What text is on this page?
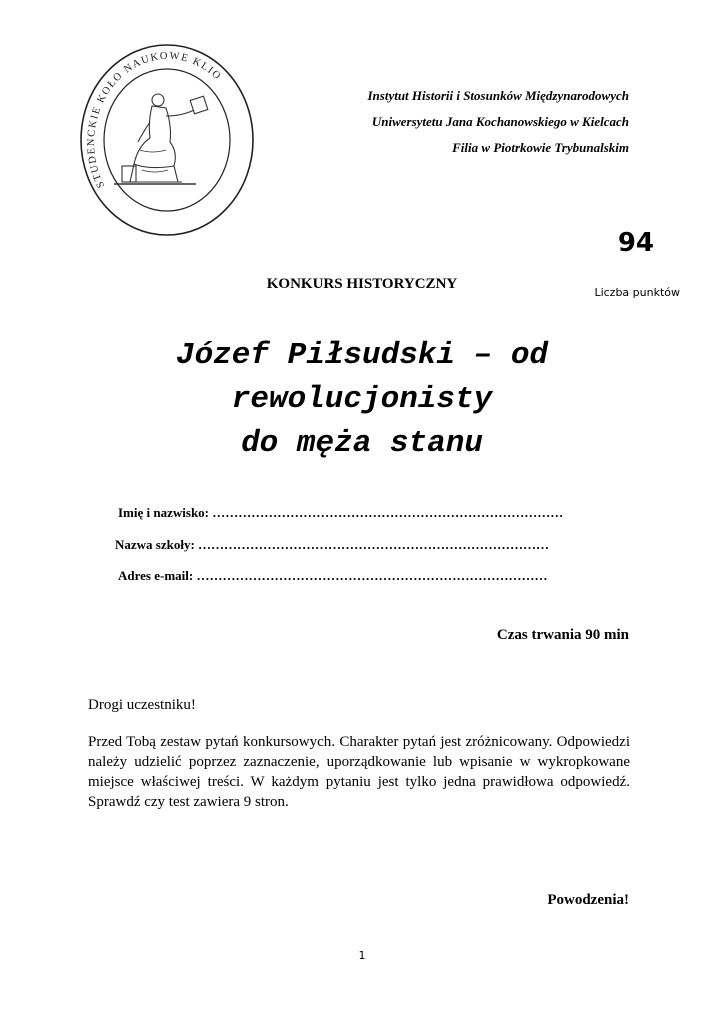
STUDENCKIE KOŁO NAUKOWE KLIO
Instytut Historii i Stosunków Międzynarodowych
Uniwersytetu Jana Kochanowskiego w Kielcach
Filia w Piotrkowie Trybunalskim
94
Liczba punktów
KONKURS HISTORYCZNY
Józef Piłsudski – od
rewolucjonisty
do męża stanu
Imię i nazwisko: ………………………………………………………………………
Nazwa szkoły: ………………………………………………………………………
Adres e-mail: ………………………………………………………………………
Czas trwania 90 min
Drogi uczestniku!
Przed Tobą zestaw pytań konkursowych. Charakter pytań jest zróżnicowany. Odpowiedzi należy udzielić poprzez zaznaczenie, uporządkowanie lub wpisanie w wykropkowane miejsce właściwej treści. W każdym pytaniu jest tylko jedna prawidłowa odpowiedź. Sprawdź czy test zawiera 9 stron.
Powodzenia!
1
